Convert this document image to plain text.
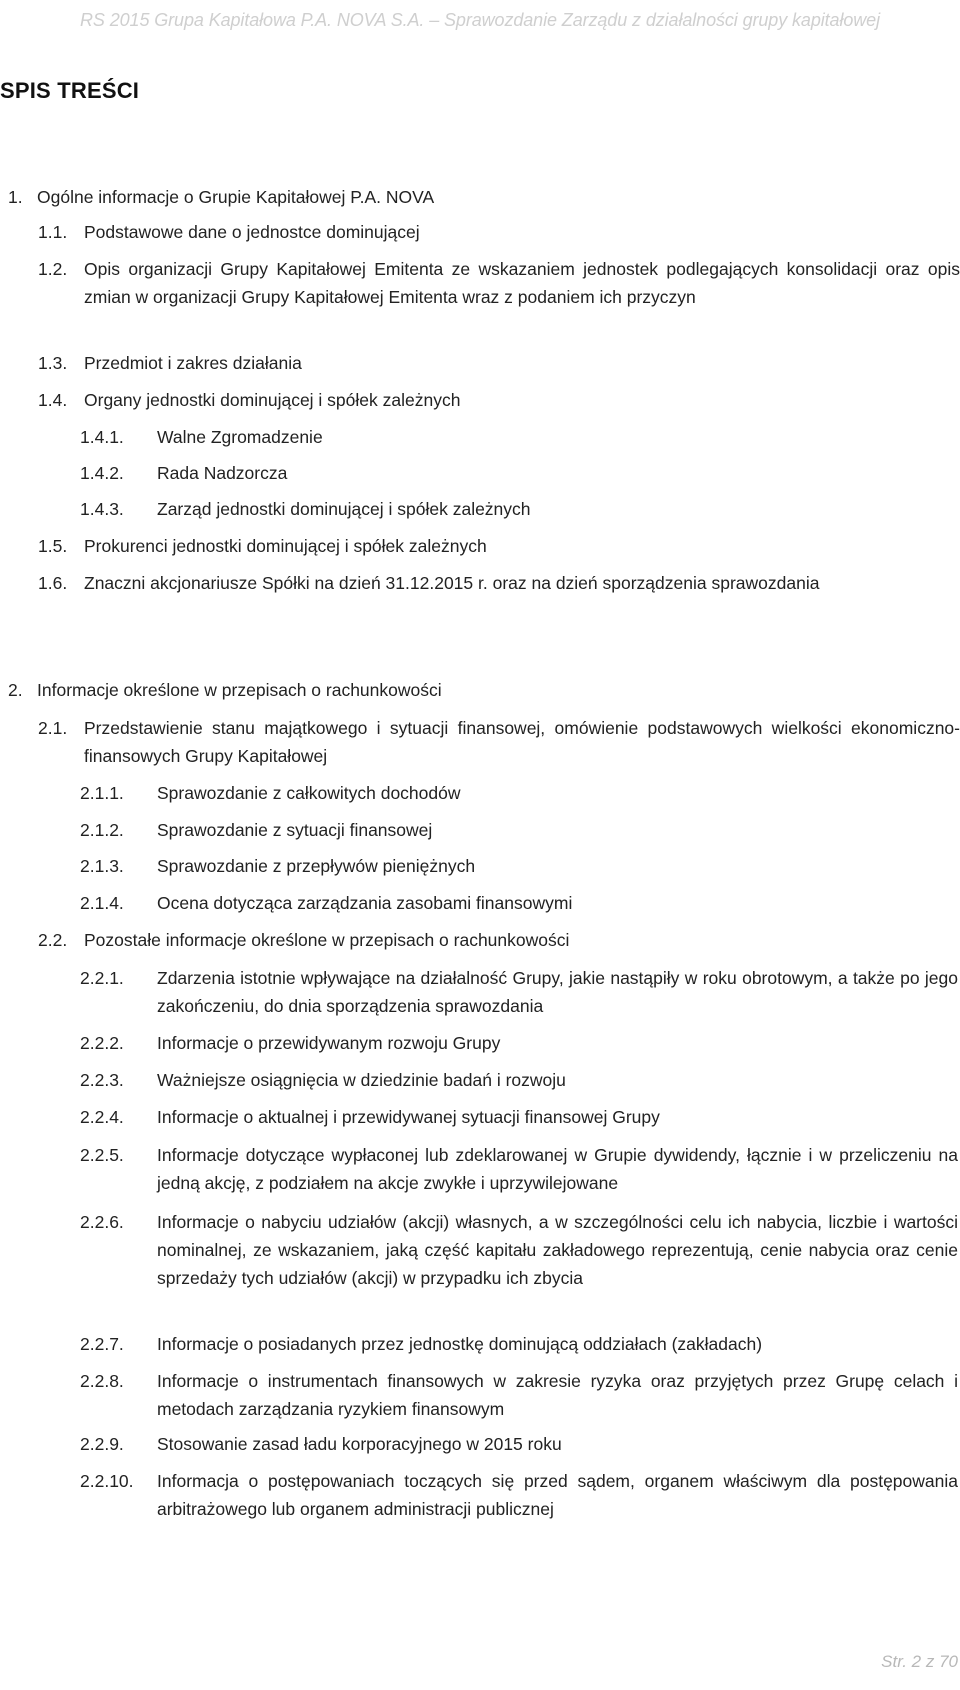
RS 2015 Grupa Kapitałowa P.A. NOVA S.A. – Sprawozdanie Zarządu z działalności grupy kapitałowej
SPIS TREŚCI
1. Ogólne informacje o Grupie Kapitałowej P.A. NOVA
1.1. Podstawowe dane o jednostce dominującej
1.2. Opis organizacji Grupy Kapitałowej Emitenta ze wskazaniem jednostek podlegających konsolidacji oraz opis zmian w organizacji Grupy Kapitałowej Emitenta wraz z podaniem ich przyczyn
1.3. Przedmiot i zakres działania
1.4. Organy jednostki dominującej i spółek zależnych
1.4.1.	Walne Zgromadzenie
1.4.2.	Rada Nadzorcza
1.4.3.	Zarząd jednostki dominującej i spółek zależnych
1.5. Prokurenci jednostki dominującej i spółek zależnych
1.6. Znaczni akcjonariusze Spółki na dzień 31.12.2015 r. oraz na dzień sporządzenia sprawozdania
2. Informacje określone w przepisach o rachunkowości
2.1. Przedstawienie stanu majątkowego i sytuacji finansowej, omówienie podstawowych wielkości ekonomiczno-finansowych Grupy Kapitałowej
2.1.1.	Sprawozdanie z całkowitych dochodów
2.1.2.	Sprawozdanie z sytuacji finansowej
2.1.3.	Sprawozdanie z przepływów pieniężnych
2.1.4.	Ocena dotycząca zarządzania zasobami finansowymi
2.2. Pozostałe informacje określone w przepisach o rachunkowości
2.2.1.	Zdarzenia istotnie wpływające na działalność Grupy, jakie nastąpiły w roku obrotowym, a także po jego zakończeniu, do dnia sporządzenia sprawozdania
2.2.2.	Informacje o przewidywanym rozwoju Grupy
2.2.3.	Ważniejsze osiągnięcia w dziedzinie badań i rozwoju
2.2.4.	Informacje o aktualnej i przewidywanej sytuacji finansowej Grupy
2.2.5.	Informacje dotyczące wypłaconej lub zdeklarowanej w Grupie dywidendy, łącznie i w przeliczeniu na jedną akcję, z podziałem na akcje zwykłe i uprzywilejowane
2.2.6.	Informacje o nabyciu udziałów (akcji) własnych, a w szczególności celu ich nabycia, liczbie i wartości nominalnej, ze wskazaniem, jaką część kapitału zakładowego reprezentują, cenie nabycia oraz cenie sprzedaży tych udziałów (akcji) w przypadku ich zbycia
2.2.7.	Informacje o posiadanych przez jednostkę dominującą oddziałach (zakładach)
2.2.8.	Informacje o instrumentach finansowych w zakresie ryzyka oraz przyjętych przez Grupę celach i metodach zarządzania ryzykiem finansowym
2.2.9.	Stosowanie zasad ładu korporacyjnego w 2015 roku
2.2.10.	Informacja o postępowaniach toczących się przed sądem, organem właściwym dla postępowania arbitrażowego lub organem administracji publicznej
Str. 2 z 70
